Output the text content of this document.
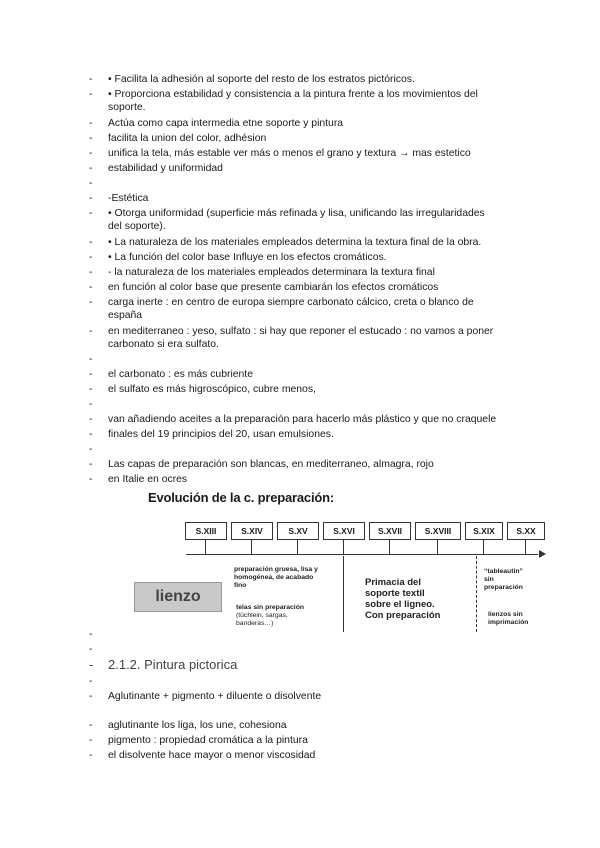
- • Facilita la adhesión al soporte del resto de los estratos pictóricos.
- • Proporciona estabilidad y consistencia a la pintura frente a los movimientos del
soporte.
- Actúa como capa intermedia etne soporte y pintura
- facilita la union del color, adhésion
- unifica la tela, más estable ver más o menos el grano y textura → mas estetico
- estabilidad y uniformidad
-
- -Estética
- • Otorga uniformidad (superficie más refinada y lisa, unificando las irregularidades
del soporte).
- • La naturaleza de los materiales empleados determina la textura final de la obra.
- • La función del color base Influye en los efectos cromáticos.
- - la naturaleza de los materiales empleados determinara la textura final
- en función al color base que presente cambiarán los efectos cromáticos
- carga inerte : en centro de europa siempre carbonato cálcico, creta o blanco de
españa
- en mediterraneo : yeso, sulfato : si hay que reponer el estucado : no vamos a poner
carbonato si era sulfato.
-
- el carbonato : es más cubriente
- el sulfato es más higroscópico, cubre menos,
-
- van añadiendo aceites a la preparación para hacerlo más plástico y que no craquele
- finales del 19 principios del 20, usan emulsiones.
-
- Las capas de preparación son blancas, en mediterraneo, almagra, rojo
- en Italie en ocres
Evolución de la c. preparación:
S.XIII	S.XIV	S.XV	S.XVI	S.XVII	S.XVIII	S.XIX	S.XX
lienzo
preparación gruesa, lisa y
homogénea, de acabado
fino
telas sin preparación
(tüchlein, sargas,
banderas…)
Primacia del
soporte textil
sobre el ligneo.
Con preparación
“tableautin”
sin
preparación
lienzos sin
imprimación
-
-
- 2.1.2. Pintura pictorica
-
- Aglutinante + pigmento + diluente o disolvente
- aglutinante los liga, los une, cohesiona
- pigmento : propiedad cromática a la pintura
- el disolvente hace mayor o menor viscosidad
